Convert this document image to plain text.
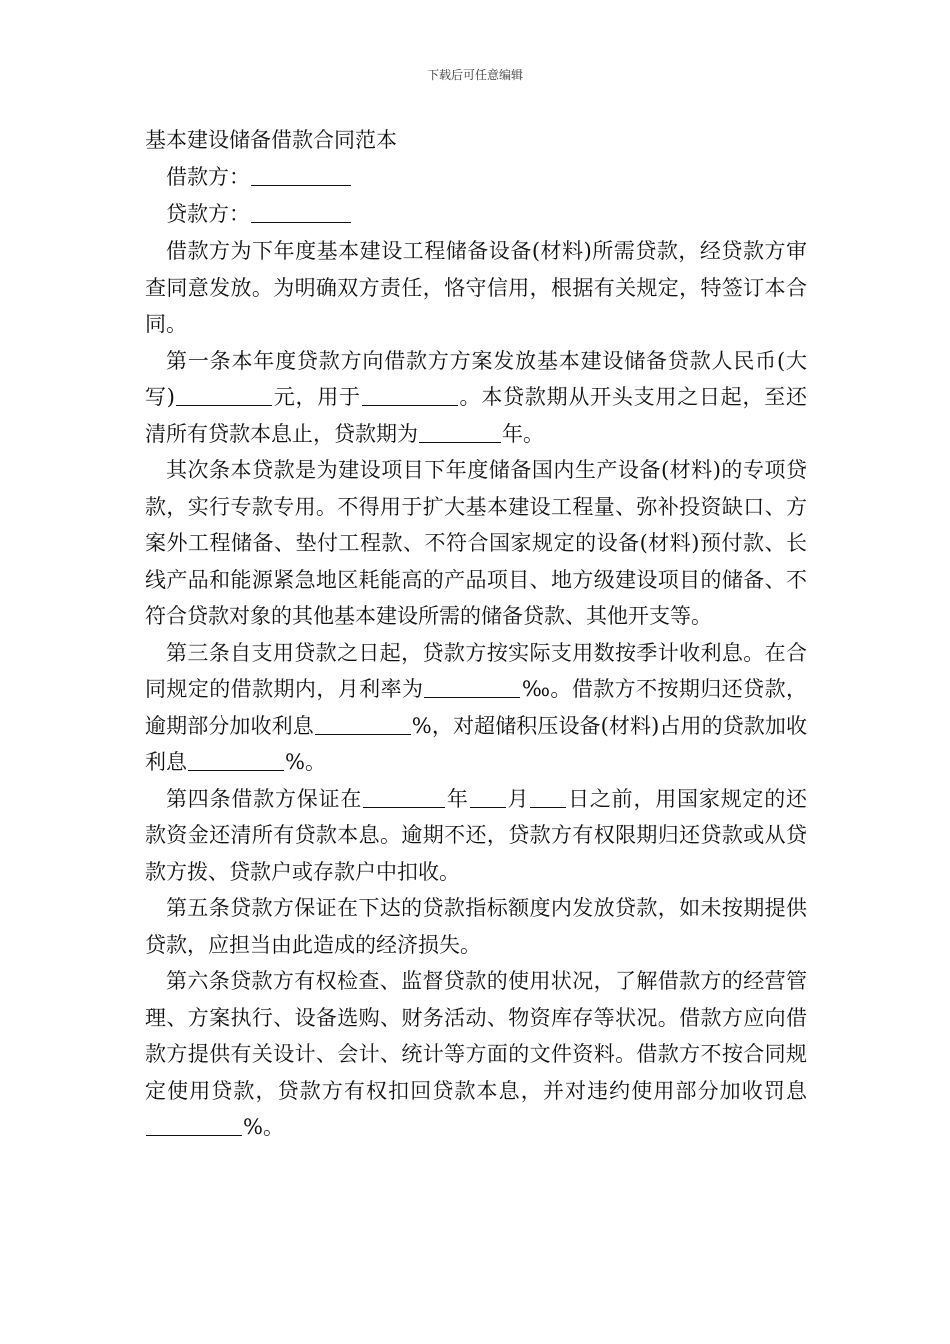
下载后可任意编辑
基本建设储备借款合同范本
借款方：
贷款方：

借款方为下年度基本建设工程储备设备(材料)所需贷款，经贷款方审查同意发放。为明确双方责任，恪守信用，根据有关规定，特签订本合同。

第一条本年度贷款方向借款方方案发放基本建设储备贷款人民币(大写)	元，用于	。本贷款期从开头支用之日起，至还清所有贷款本息止，贷款期为	年。

其次条本贷款是为建设项目下年度储备国内生产设备(材料)的专项贷款，实行专款专用。不得用于扩大基本建设工程量、弥补投资缺口、方案外工程储备、垫付工程款、不符合国家规定的设备(材料)预付款、长线产品和能源紧急地区耗能高的产品项目、地方级建设项目的储备、不符合贷款对象的其他基本建设所需的储备贷款、其他开支等。

第三条自支用贷款之日起，贷款方按实际支用数按季计收利息。在合同规定的借款期内，月利率为	‰。借款方不按期归还贷款，逾期部分加收利息	%，对超储积压设备(材料)占用的贷款加收利息	%。

第四条借款方保证在	年 月 日之前，用国家规定的还款资金还清所有贷款本息。逾期不还，贷款方有权限期归还贷款或从贷款方拨、贷款户或存款户中扣收。

第五条贷款方保证在下达的贷款指标额度内发放贷款，如未按期提供贷款，应担当由此造成的经济损失。

第六条贷款方有权检查、监督贷款的使用状况，了解借款方的经营管理、方案执行、设备选购、财务活动、物资库存等状况。借款方应向借款方提供有关设计、会计、统计等方面的文件资料。借款方不按合同规定使用贷款，贷款方有权扣回贷款本息，并对违约使用部分加收罚息%。
